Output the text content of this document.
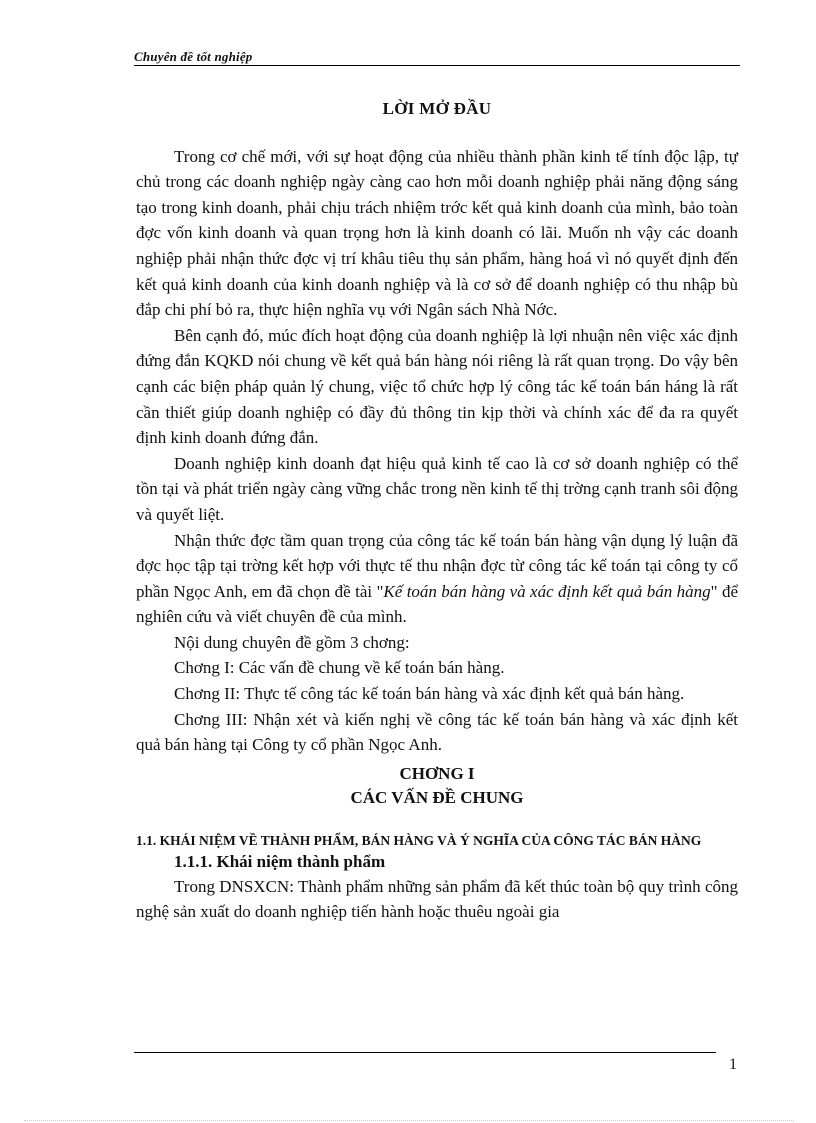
Chuyên đề tốt nghiệp
LỜI MỞ ĐẦU

Trong cơ chế mới, với sự hoạt động của nhiều thành phần kinh tế tính độc lập, tự chủ trong các doanh nghiệp ngày càng cao hơn mỗi doanh nghiệp phải năng động sáng tạo trong kinh doanh, phải chịu trách nhiệm trớc kết quả kinh doanh của mình, bảo toàn đợc vốn kinh doanh và quan trọng hơn là kinh doanh có lãi. Muốn nh vậy các doanh nghiệp phải nhận thức đợc vị trí khâu tiêu thụ sản phẩm, hàng hoá vì nó quyết định đến kết quả kinh doanh của kinh doanh nghiệp và là cơ sở để doanh nghiệp có thu nhập bù đắp chi phí bỏ ra, thực hiện nghĩa vụ với Ngân sách Nhà Nớc.

Bên cạnh đó, múc đích hoạt động của doanh nghiệp là lợi nhuận nên việc xác định đứng đắn KQKD nói chung về kết quả bán hàng nói riêng là rất quan trọng. Do vậy bên cạnh các biện pháp quản lý chung, việc tổ chức hợp lý công tác kế toán bán háng là rất cần thiết giúp doanh nghiệp có đầy đủ thông tin kịp thời và chính xác để đa ra quyết định kinh doanh đứng đắn.

Doanh nghiệp kinh doanh đạt hiệu quả kinh tế cao là cơ sở doanh nghiệp có thể tồn tại và phát triển ngày càng vững chắc trong nền kinh tế thị trờng cạnh tranh sôi động và quyết liệt.

Nhận thức đợc tầm quan trọng của công tác kế toán bán hàng vận dụng lý luận đã đợc học tập tại trờng kết hợp với thực tế thu nhận đợc từ công tác kế toán tại công ty cổ phần Ngọc Anh, em đã chọn đề tài "Kế toán bán hàng và xác định kết quả bán hàng" để nghiên cứu và viết chuyên đề của mình.

Nội dung chuyên đề gồm 3 chơng:

Chơng I: Các vấn đề chung về kế toán bán hàng.

Chơng II: Thực tế công tác kế toán bán hàng và xác định kết quả bán hàng.

Chơng III: Nhận xét và kiến nghị về công tác kế toán bán hàng và xác định kết quả bán hàng tại Công ty cổ phần Ngọc Anh.

CHƠNG I
CÁC VẤN ĐỀ CHUNG
1.1. KHÁI NIỆM VỀ THÀNH PHẨM, BÁN HÀNG VÀ Ý NGHĨA CỦA CÔNG TÁC BÁN HÀNG
1.1.1. Khái niệm thành phẩm

Trong DNSXCN: Thành phẩm những sản phẩm đã kết thúc toàn bộ quy trình công nghệ sản xuất do doanh nghiệp tiến hành hoặc thuêu ngoài gia

1
